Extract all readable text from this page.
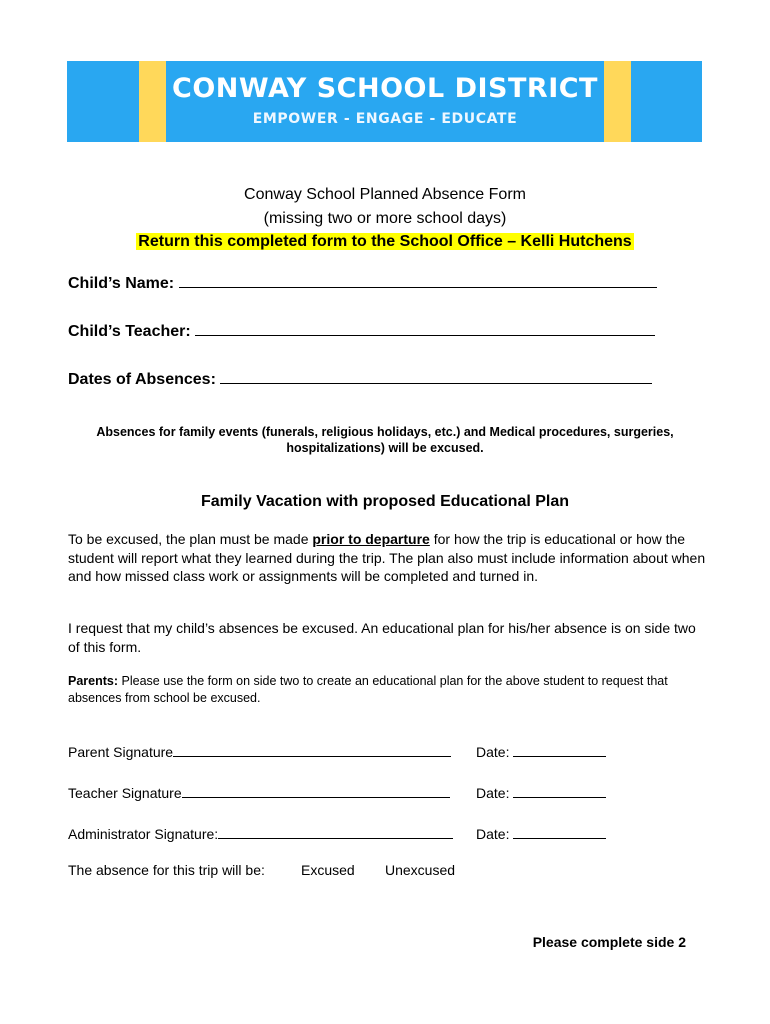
CONWAY SCHOOL DISTRICT
EMPOWER - ENGAGE - EDUCATE
Conway School Planned Absence Form
(missing two or more school days)
Return this completed form to the School Office – Kelli Hutchens
Child’s Name:
Child’s Teacher:
Dates of Absences:
Absences for family events (funerals, religious holidays, etc.) and Medical procedures, surgeries, hospitalizations) will be excused.
Family Vacation with proposed Educational Plan
To be excused, the plan must be made prior to departure for how the trip is educational or how the student will report what they learned during the trip. The plan also must include information about when and how missed class work or assignments will be completed and turned in.
I request that my child’s absences be excused. An educational plan for his/her absence is on side two of this form.
Parents: Please use the form on side two to create an educational plan for the above student to request that absences from school be excused.
Parent Signature	Date:
Teacher Signature	Date:
Administrator Signature:	Date:
The absence for this trip will be:	Excused Unexcused
Please complete side 2
